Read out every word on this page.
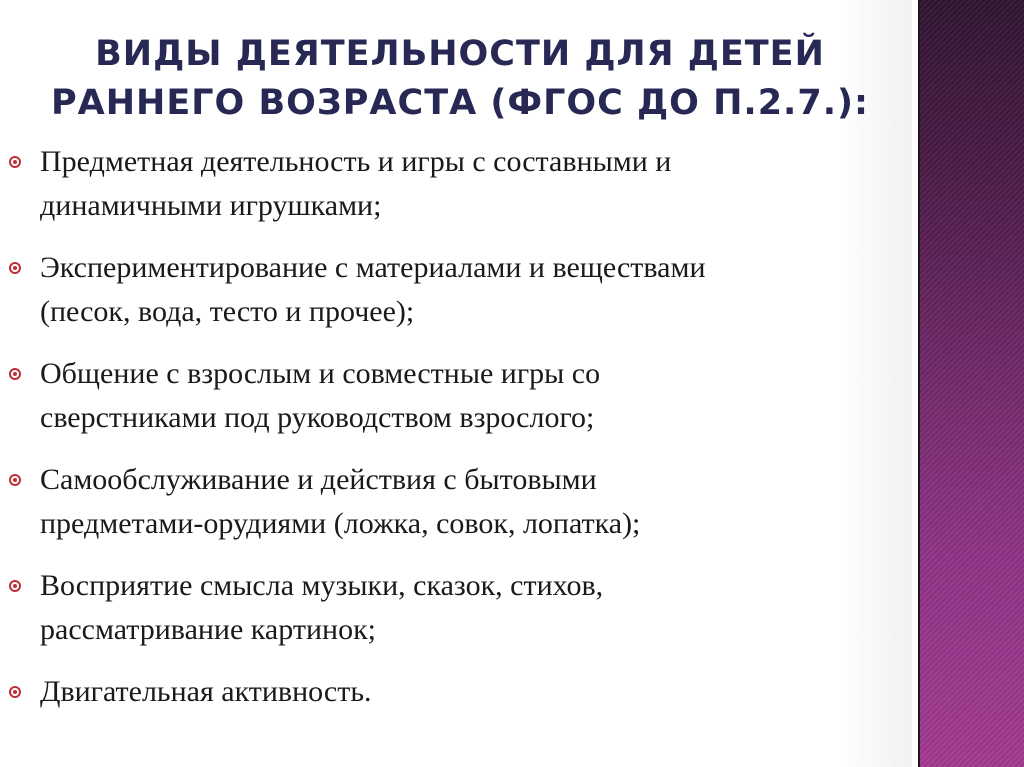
ВИДЫ ДЕЯТЕЛЬНОСТИ ДЛЯ ДЕТЕЙ
РАННЕГО ВОЗРАСТА (ФГОС ДО П.2.7.):
Предметная деятельность и игры с составными и
динамичными игрушками;
Экспериментирование с материалами и веществами
(песок, вода, тесто и прочее);
Общение с взрослым и совместные игры со
сверстниками под руководством взрослого;
Самообслуживание и действия с бытовыми
предметами-орудиями (ложка, совок, лопатка);
Восприятие смысла музыки, сказок, стихов,
рассматривание картинок;
Двигательная активность.
